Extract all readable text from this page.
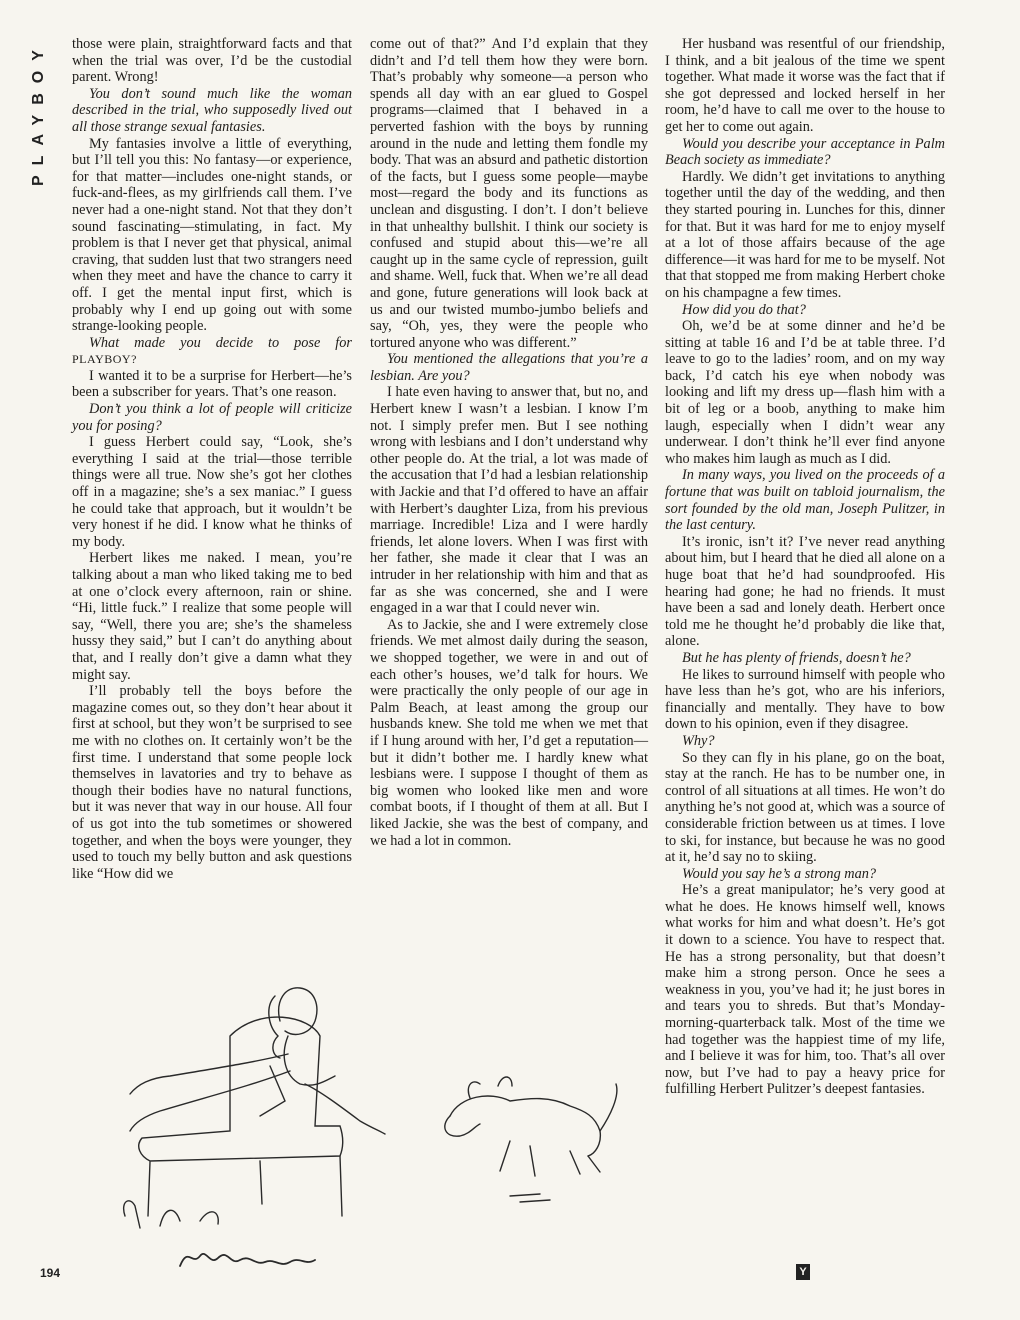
PLAYBOY those were plain, straightforward facts and that when the trial was over, I’d be the custodial parent. Wrong!

You don’t sound much like the woman described in the trial, who supposedly lived out all those strange sexual fantasies.

My fantasies involve a little of everything, but I’ll tell you this: No fantasy—or experience, for that matter—includes one-night stands, or fuck-and-flees, as my girlfriends call them. I’ve never had a one-night stand. Not that they don’t sound fascinating—stimulating, in fact. My problem is that I never get that physical, animal craving, that sudden lust that two strangers need when they meet and have the chance to carry it off. I get the mental input first, which is probably why I end up going out with some strange-looking people.

What made you decide to pose for PLAYBOY?

I wanted it to be a surprise for Herbert—he’s been a subscriber for years. That’s one reason.

Don’t you think a lot of people will criticize you for posing?

I guess Herbert could say, “Look, she’s everything I said at the trial—those terrible things were all true. Now she’s got her clothes off in a magazine; she’s a sex maniac.” I guess he could take that approach, but it wouldn’t be very honest if he did. I know what he thinks of my body.

Herbert likes me naked. I mean, you’re talking about a man who liked taking me to bed at one o’clock every afternoon, rain or shine. “Hi, little fuck.” I realize that some people will say, “Well, there you are; she’s the shameless hussy they said,” but I can’t do anything about that, and I really don’t give a damn what they might say.

I’ll probably tell the boys before the magazine comes out, so they don’t hear about it first at school, but they won’t be surprised to see me with no clothes on. It certainly won’t be the first time. I understand that some people lock themselves in lavatories and try to behave as though their bodies have no natural functions, but it was never that way in our house. All four of us got into the tub sometimes or showered together, and when the boys were younger, they used to touch my belly button and ask questions like “How did we

come out of that?” And I’d explain that they didn’t and I’d tell them how they were born. That’s probably why someone—a person who spends all day with an ear glued to Gospel programs—claimed that I behaved in a perverted fashion with the boys by running around in the nude and letting them fondle my body. That was an absurd and pathetic distortion of the facts, but I guess some people—maybe most—regard the body and its functions as unclean and disgusting. I don’t. I don’t believe in that unhealthy bullshit. I think our society is confused and stupid about this—we’re all caught up in the same cycle of repression, guilt and shame. Well, fuck that. When we’re all dead and gone, future generations will look back at us and our twisted mumbo-jumbo beliefs and say, “Oh, yes, they were the people who tortured anyone who was different.”

You mentioned the allegations that you’re a lesbian. Are you?

I hate even having to answer that, but no, and Herbert knew I wasn’t a lesbian. I know I’m not. I simply prefer men. But I see nothing wrong with lesbians and I don’t understand why other people do. At the trial, a lot was made of the accusation that I’d had a lesbian relationship with Jackie and that I’d offered to have an affair with Herbert’s daughter Liza, from his previous marriage. Incredible! Liza and I were hardly friends, let alone lovers. When I was first with her father, she made it clear that I was an intruder in her relationship with him and that as far as she was concerned, she and I were engaged in a war that I could never win.

As to Jackie, she and I were extremely close friends. We met almost daily during the season, we shopped together, we were in and out of each other’s houses, we’d talk for hours. We were practically the only people of our age in Palm Beach, at least among the group our husbands knew. She told me when we met that if I hung around with her, I’d get a reputation—but it didn’t bother me. I hardly knew what lesbians were. I suppose I thought of them as big women who looked like men and wore combat boots, if I thought of them at all. But I liked Jackie, she was the best of company, and we had a lot in common.

Her husband was resentful of our friendship, I think, and a bit jealous of the time we spent together. What made it worse was the fact that if she got depressed and locked herself in her room, he’d have to call me over to the house to get her to come out again.

Would you describe your acceptance in Palm Beach society as immediate?

Hardly. We didn’t get invitations to anything together until the day of the wedding, and then they started pouring in. Lunches for this, dinner for that. But it was hard for me to enjoy myself at a lot of those affairs because of the age difference—it was hard for me to be myself. Not that that stopped me from making Herbert choke on his champagne a few times.

How did you do that?

Oh, we’d be at some dinner and he’d be sitting at table 16 and I’d be at table three. I’d leave to go to the ladies’ room, and on my way back, I’d catch his eye when nobody was looking and lift my dress up—flash him with a bit of leg or a boob, anything to make him laugh, especially when I didn’t wear any underwear. I don’t think he’ll ever find anyone who makes him laugh as much as I did.

In many ways, you lived on the proceeds of a fortune that was built on tabloid journalism, the sort founded by the old man, Joseph Pulitzer, in the last century.

It’s ironic, isn’t it? I’ve never read anything about him, but I heard that he died all alone on a huge boat that he’d had soundproofed. His hearing had gone; he had no friends. It must have been a sad and lonely death. Herbert once told me he thought he’d probably die like that, alone.

But he has plenty of friends, doesn’t he?

He likes to surround himself with people who have less than he’s got, who are his inferiors, financially and mentally. They have to bow down to his opinion, even if they disagree.

Why?

So they can fly in his plane, go on the boat, stay at the ranch. He has to be number one, in control of all situations at all times. He won’t do anything he’s not good at, which was a source of considerable friction between us at times. I love to ski, for instance, but because he was no good at it, he’d say no to skiing.

Would you say he’s a strong man?

He’s a great manipulator; he’s very good at what he does. He knows himself well, knows what works for him and what doesn’t. He’s got it down to a science. You have to respect that. He has a strong personality, but that doesn’t make him a strong person. Once he sees a weakness in you, you’ve had it; he just bores in and tears you to shreds. But that’s Monday-morning-quarterback talk. Most of the time we had together was the happiest time of my life, and I believe it was for him, too. That’s all over now, but I’ve had to pay a heavy price for fulfilling Herbert Pulitzer’s deepest fantasies.

194	Y
